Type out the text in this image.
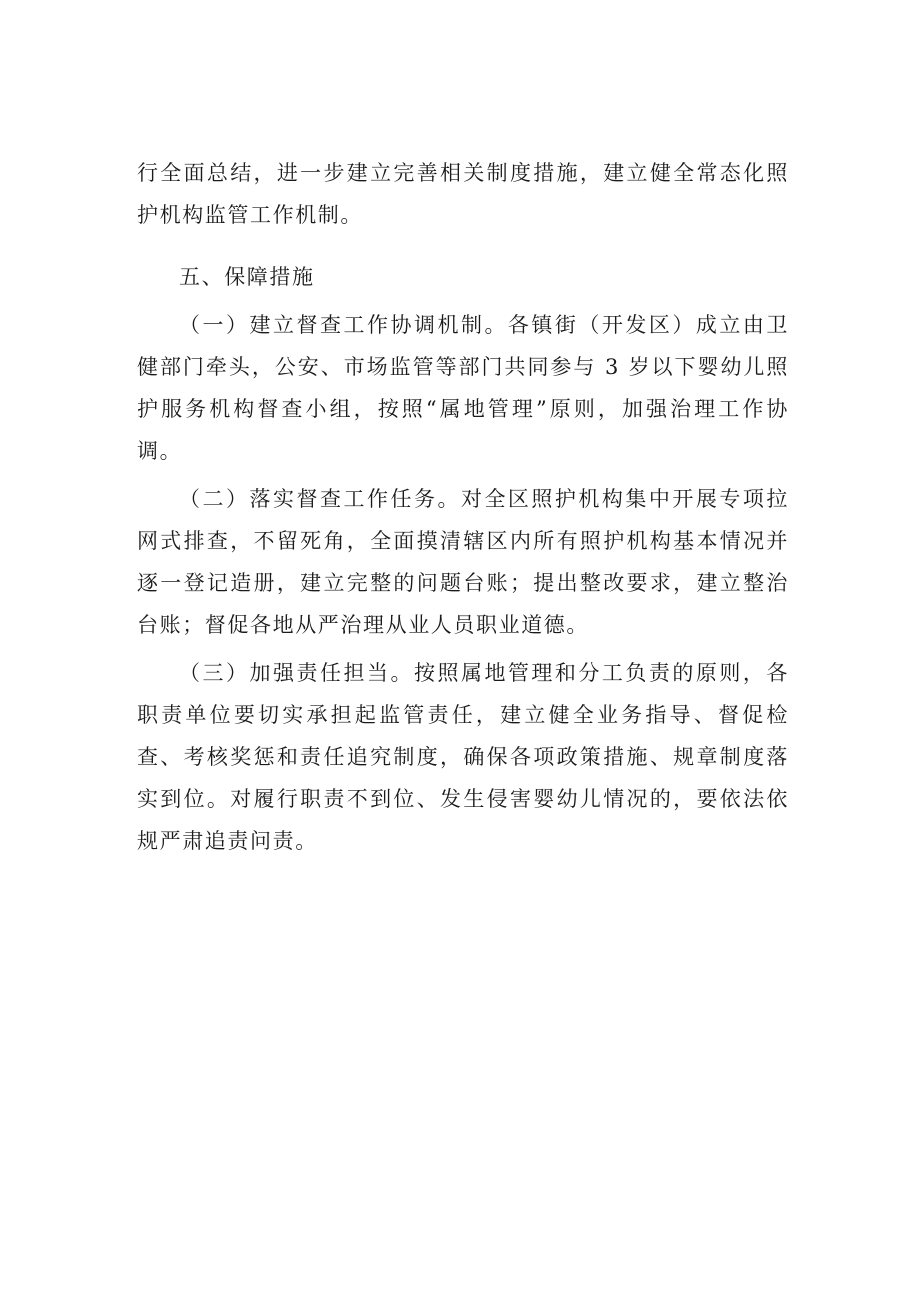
行全面总结，进一步建立完善相关制度措施，建立健全常态化照护机构监管工作机制。

五、保障措施

（一）建立督查工作协调机制。各镇街（开发区）成立由卫健部门牵头，公安、市场监管等部门共同参与 3 岁以下婴幼儿照护服务机构督查小组，按照“属地管理”原则，加强治理工作协调。

（二）落实督查工作任务。对全区照护机构集中开展专项拉网式排查，不留死角，全面摸清辖区内所有照护机构基本情况并逐一登记造册，建立完整的问题台账；提出整改要求，建立整治台账；督促各地从严治理从业人员职业道德。

（三）加强责任担当。按照属地管理和分工负责的原则，各职责单位要切实承担起监管责任，建立健全业务指导、督促检查、考核奖惩和责任追究制度，确保各项政策措施、规章制度落实到位。对履行职责不到位、发生侵害婴幼儿情况的，要依法依规严肃追责问责。
